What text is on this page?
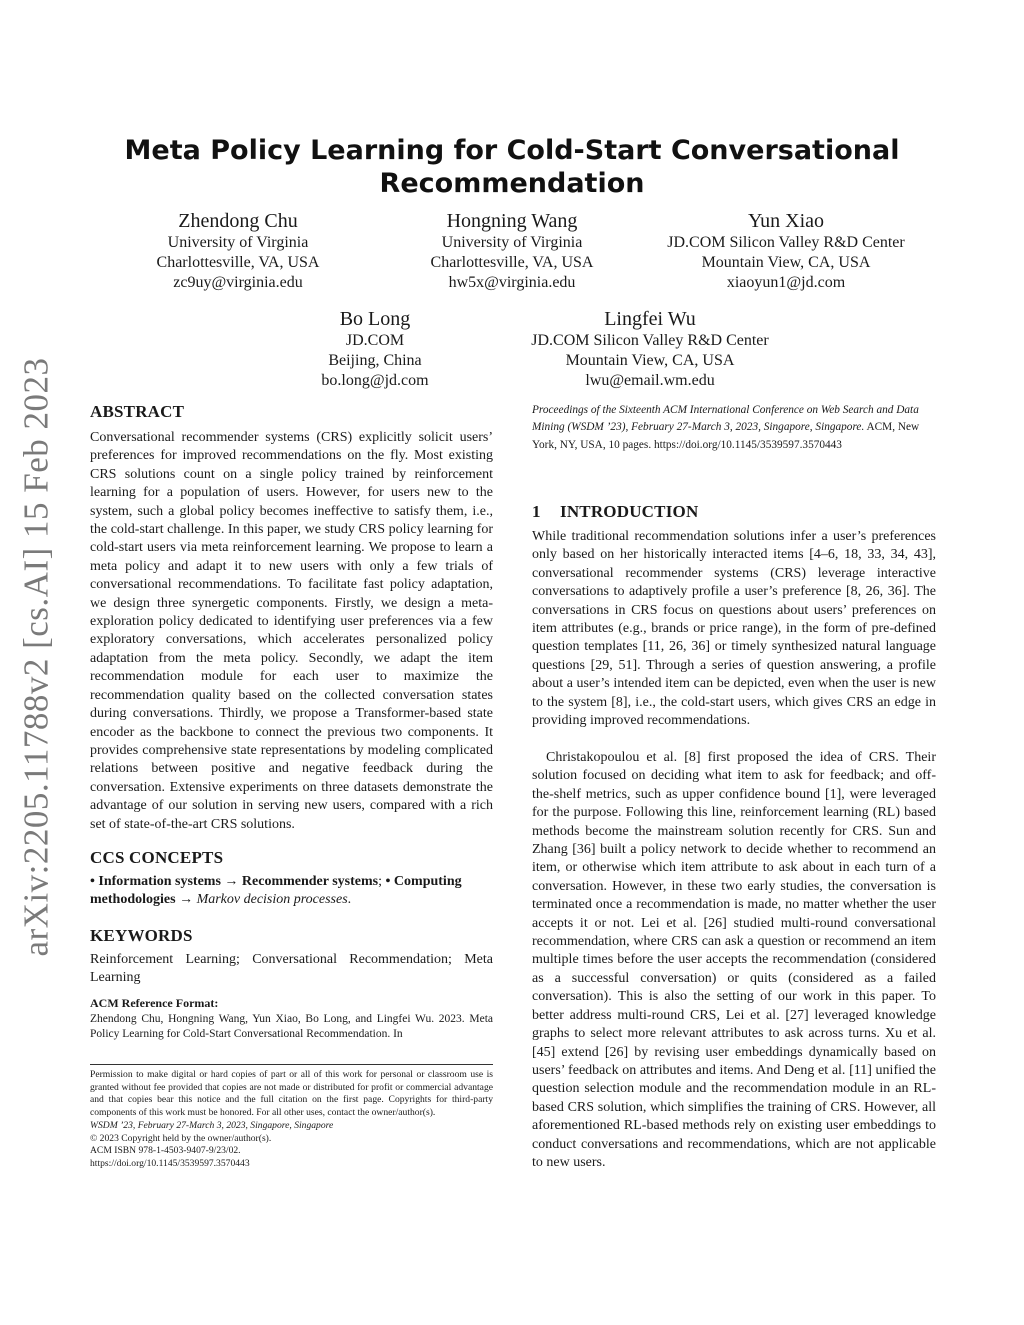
arXiv:2205.11788v2 [cs.AI] 15 Feb 2023
Meta Policy Learning for Cold-Start Conversational Recommendation
Zhendong Chu
University of Virginia
Charlottesville, VA, USA
zc9uy@virginia.edu
Hongning Wang
University of Virginia
Charlottesville, VA, USA
hw5x@virginia.edu
Yun Xiao
JD.COM Silicon Valley R&D Center
Mountain View, CA, USA
xiaoyun1@jd.com
Bo Long
JD.COM
Beijing, China
bo.long@jd.com
Lingfei Wu
JD.COM Silicon Valley R&D Center
Mountain View, CA, USA
lwu@email.wm.edu
ABSTRACT

Conversational recommender systems (CRS) explicitly solicit users’ preferences for improved recommendations on the fly. Most existing CRS solutions count on a single policy trained by reinforcement learning for a population of users. However, for users new to the system, such a global policy becomes ineffective to satisfy them, i.e., the cold-start challenge. In this paper, we study CRS policy learning for cold-start users via meta reinforcement learning. We propose to learn a meta policy and adapt it to new users with only a few trials of conversational recommendations. To facilitate fast policy adaptation, we design three synergetic components. Firstly, we design a meta-exploration policy dedicated to identifying user preferences via a few exploratory conversations, which accelerates personalized policy adaptation from the meta policy. Secondly, we adapt the item recommendation module for each user to maximize the recommendation quality based on the collected conversation states during conversations. Thirdly, we propose a Transformer-based state encoder as the backbone to connect the previous two components. It provides comprehensive state representations by modeling complicated relations between positive and negative feedback during the conversation. Extensive experiments on three datasets demonstrate the advantage of our solution in serving new users, compared with a rich set of state-of-the-art CRS solutions.

CCS CONCEPTS
• Information systems → Recommender systems; • Computing methodologies → Markov decision processes.
KEYWORDS

Reinforcement Learning; Conversational Recommendation; Meta Learning

ACM Reference Format:
Zhendong Chu, Hongning Wang, Yun Xiao, Bo Long, and Lingfei Wu. 2023. Meta Policy Learning for Cold-Start Conversational Recommendation. In
Permission to make digital or hard copies of part or all of this work for personal or classroom use is granted without fee provided that copies are not made or distributed for profit or commercial advantage and that copies bear this notice and the full citation on the first page. Copyrights for third-party components of this work must be honored. For all other uses, contact the owner/author(s).
WSDM ’23, February 27-March 3, 2023, Singapore, Singapore
© 2023 Copyright held by the owner/author(s).
ACM ISBN 978-1-4503-9407-9/23/02.
https://doi.org/10.1145/3539597.3570443
Proceedings of the Sixteenth ACM International Conference on Web Search and Data Mining (WSDM ’23), February 27-March 3, 2023, Singapore, Singapore. ACM, New York, NY, USA, 10 pages. https://doi.org/10.1145/3539597.3570443
1 INTRODUCTION

While traditional recommendation solutions infer a user’s preferences only based on her historically interacted items [4–6, 18, 33, 34, 43], conversational recommender systems (CRS) leverage interactive conversations to adaptively profile a user’s preference [8, 26, 36]. The conversations in CRS focus on questions about users’ preferences on item attributes (e.g., brands or price range), in the form of pre-defined question templates [11, 26, 36] or timely synthesized natural language questions [29, 51]. Through a series of question answering, a profile about a user’s intended item can be depicted, even when the user is new to the system [8], i.e., the cold-start users, which gives CRS an edge in providing improved recommendations.

Christakopoulou et al. [8] first proposed the idea of CRS. Their solution focused on deciding what item to ask for feedback; and off-the-shelf metrics, such as upper confidence bound [1], were leveraged for the purpose. Following this line, reinforcement learning (RL) based methods become the mainstream solution recently for CRS. Sun and Zhang [36] built a policy network to decide whether to recommend an item, or otherwise which item attribute to ask about in each turn of a conversation. However, in these two early studies, the conversation is terminated once a recommendation is made, no matter whether the user accepts it or not. Lei et al. [26] studied multi-round conversational recommendation, where CRS can ask a question or recommend an item multiple times before the user accepts the recommendation (considered as a successful conversation) or quits (considered as a failed conversation). This is also the setting of our work in this paper. To better address multi-round CRS, Lei et al. [27] leveraged knowledge graphs to select more relevant attributes to ask across turns. Xu et al. [45] extend [26] by revising user embeddings dynamically based on users’ feedback on attributes and items. And Deng et al. [11] unified the question selection module and the recommendation module in an RL-based CRS solution, which simplifies the training of CRS. However, all aforementioned RL-based methods rely on existing user embeddings to conduct conversations and recommendations, which are not applicable to new users.
